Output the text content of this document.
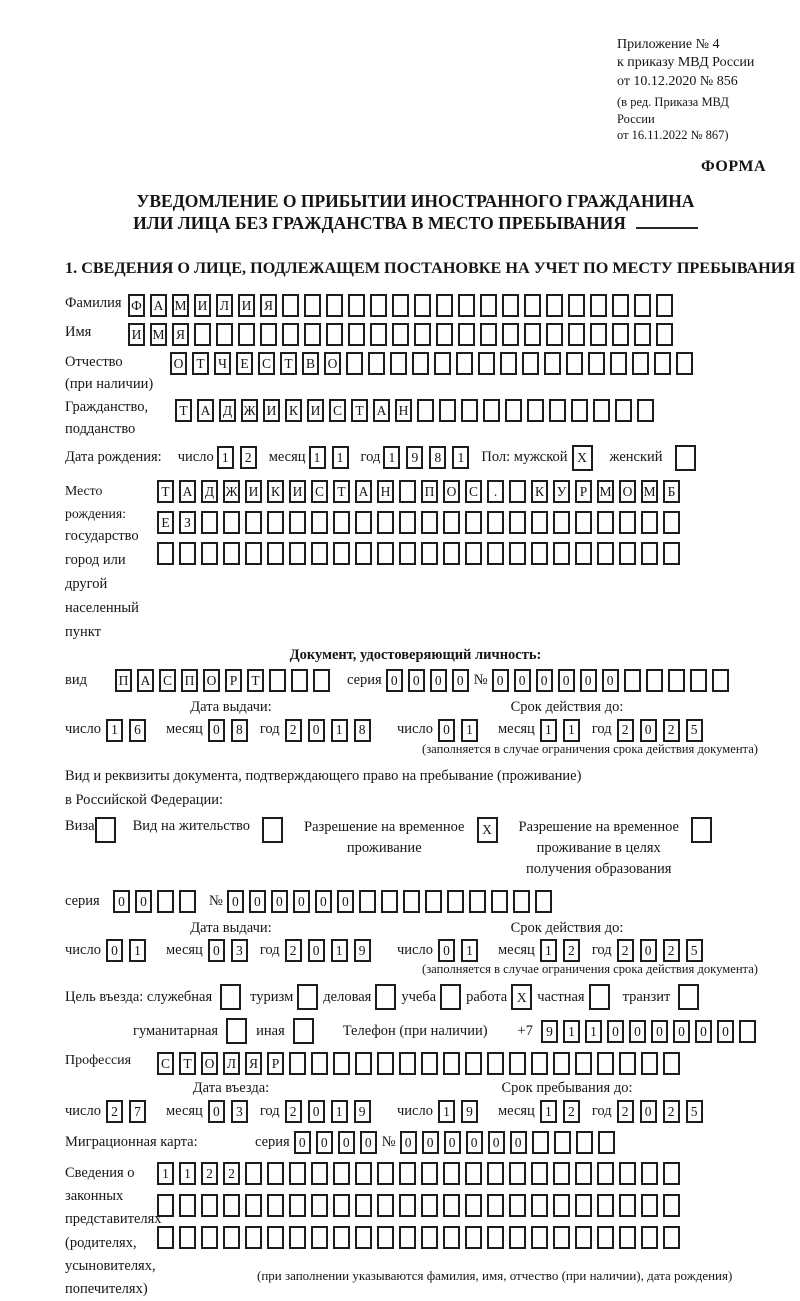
Приложение № 4
к приказу МВД России
от 10.12.2020 № 856
(в ред. Приказа МВД России
от 16.11.2022 № 867)
ФОРМА
УВЕДОМЛЕНИЕ О ПРИБЫТИИ ИНОСТРАННОГО ГРАЖДАНИНА
ИЛИ ЛИЦА БЕЗ ГРАЖДАНСТВА В МЕСТО ПРЕБЫВАНИЯ
1. СВЕДЕНИЯ О ЛИЦЕ, ПОДЛЕЖАЩЕМ ПОСТАНОВКЕ НА УЧЕТ ПО МЕСТУ ПРЕБЫВАНИЯ
Фамилия Ф А М И Л И Я
Имя	И М Я
Отчество
(при наличии)
О Т Ч Е С Т В О
Гражданство,
подданство
Т А Д Ж И К И С Т А Н
Дата рождения: число 1	2	месяц 1	1	год 1	9	8	1	Пол: мужской X	женский
Место рождения:
государство
город или другой
населенный пункт
Т А Д Ж И К И С Т А Н	П О С	.	К У Р М О М Б
Е	З
Документ, удостоверяющий личность:
вид	П А С П О Р	Т	серия 0	0	0	0 № 0	0	0	0	0	0
Дата выдачи:	Срок действия до:
число 1	6	месяц 0	8	год 2	0	1	8	число 0	1	месяц 1	1	год 2	0	2	5
(заполняется в случае ограничения срока действия документа)
Вид и реквизиты документа, подтверждающего право на пребывание (проживание)
в Российской Федерации:
Виза	Вид на жительство	Разрешение на временное
проживание
X	Разрешение на временное
проживание в целях
получения образования
серия	0	0	№ 0	0	0	0	0	0
Дата выдачи:	Срок действия до:
число 0	1	месяц 0	3	год 2	0	1	9	число 0	1	месяц 1	2	год 2	0	2	5
(заполняется в случае ограничения срока действия документа)
Цель въезда: служебная	туризм деловая учеба работа X частная	транзит
гуманитарная	иная	Телефон (при наличии) +7 9	1	1	0	0	0	0	0	0
Профессия	С Т О Л Я	Р
Дата въезда:	Срок пребывания до:
число 2	7	месяц 0	3	год 2	0	1	9	число 1	9	месяц 1	2	год 2	0	2	5
Миграционная карта:	серия 0	0	0	0 № 0	0	0	0	0	0
Сведения о
законных
представителях
(родителях,
усыновителях,
попечителях)
1	1	2	2
(при заполнении указываются фамилия, имя, отчество (при наличии), дата рождения)
